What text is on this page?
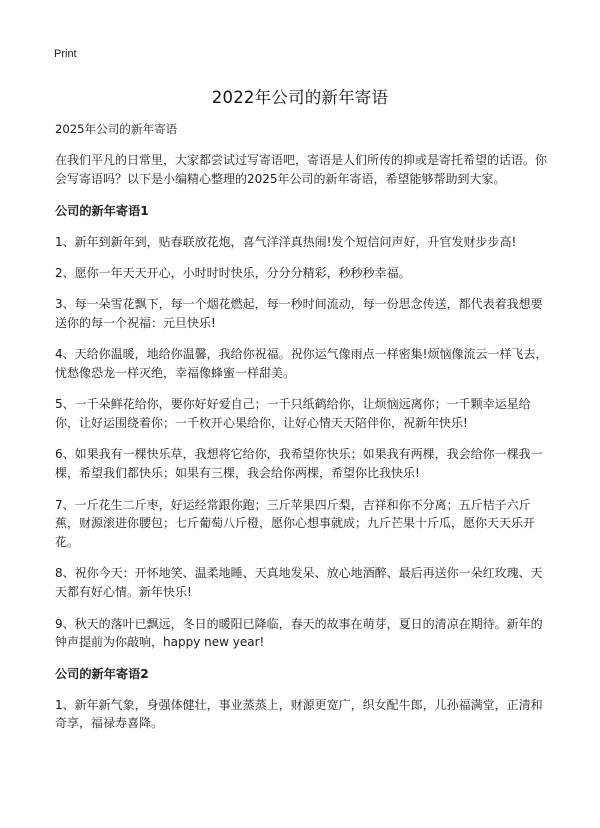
Print
2022年公司的新年寄语

2025年公司的新年寄语

在我们平凡的日常里，大家都尝试过写寄语吧，寄语是人们所传的抑或是寄托希望的话语。你会写寄语吗？以下是小编精心整理的2025年公司的新年寄语，希望能够帮助到大家。

公司的新年寄语1

1、新年到新年到，贴春联放花炮，喜气洋洋真热闹!发个短信问声好，升官发财步步高!

2、愿你一年天天开心，小时时时快乐，分分分精彩，秒秒秒幸福。

3、每一朵雪花飘下，每一个烟花燃起，每一秒时间流动，每一份思念传送，都代表着我想要送你的每一个祝福：元旦快乐!

4、天给你温暖，地给你温馨，我给你祝福。祝你运气像雨点一样密集!烦恼像流云一样飞去，忧愁像恐龙一样灭绝，幸福像蜂蜜一样甜美。

5、一千朵鲜花给你，要你好好爱自己；一千只纸鹤给你，让烦恼远离你；一千颗幸运星给你，让好运围绕着你；一千枚开心果给你，让好心情天天陪伴你，祝新年快乐!

6、如果我有一棵快乐草，我想将它给你，我希望你快乐；如果我有两棵，我会给你一棵我一棵，希望我们都快乐；如果有三棵，我会给你两棵，希望你比我快乐!

7、一斤花生二斤枣，好运经常跟你跑；三斤苹果四斤梨，吉祥和你不分离；五斤桔子六斤蕉，财源滚进你腰包；七斤葡萄八斤橙，愿你心想事就成；九斤芒果十斤瓜，愿你天天乐开花。

8、祝你今天：开怀地笑、温柔地睡、天真地发呆、放心地酒醉、最后再送你一朵红玫瑰、天天都有好心情。新年快乐!

9、秋天的落叶已飘远，冬日的暖阳已降临，春天的故事在萌芽，夏日的清凉在期待。新年的钟声提前为你敲响，happy new year!

公司的新年寄语2

1、新年新气象，身强体健壮，事业蒸蒸上，财源更宽广，织女配牛郎，儿孙福满堂，正清和奇享，福禄寿喜降。
